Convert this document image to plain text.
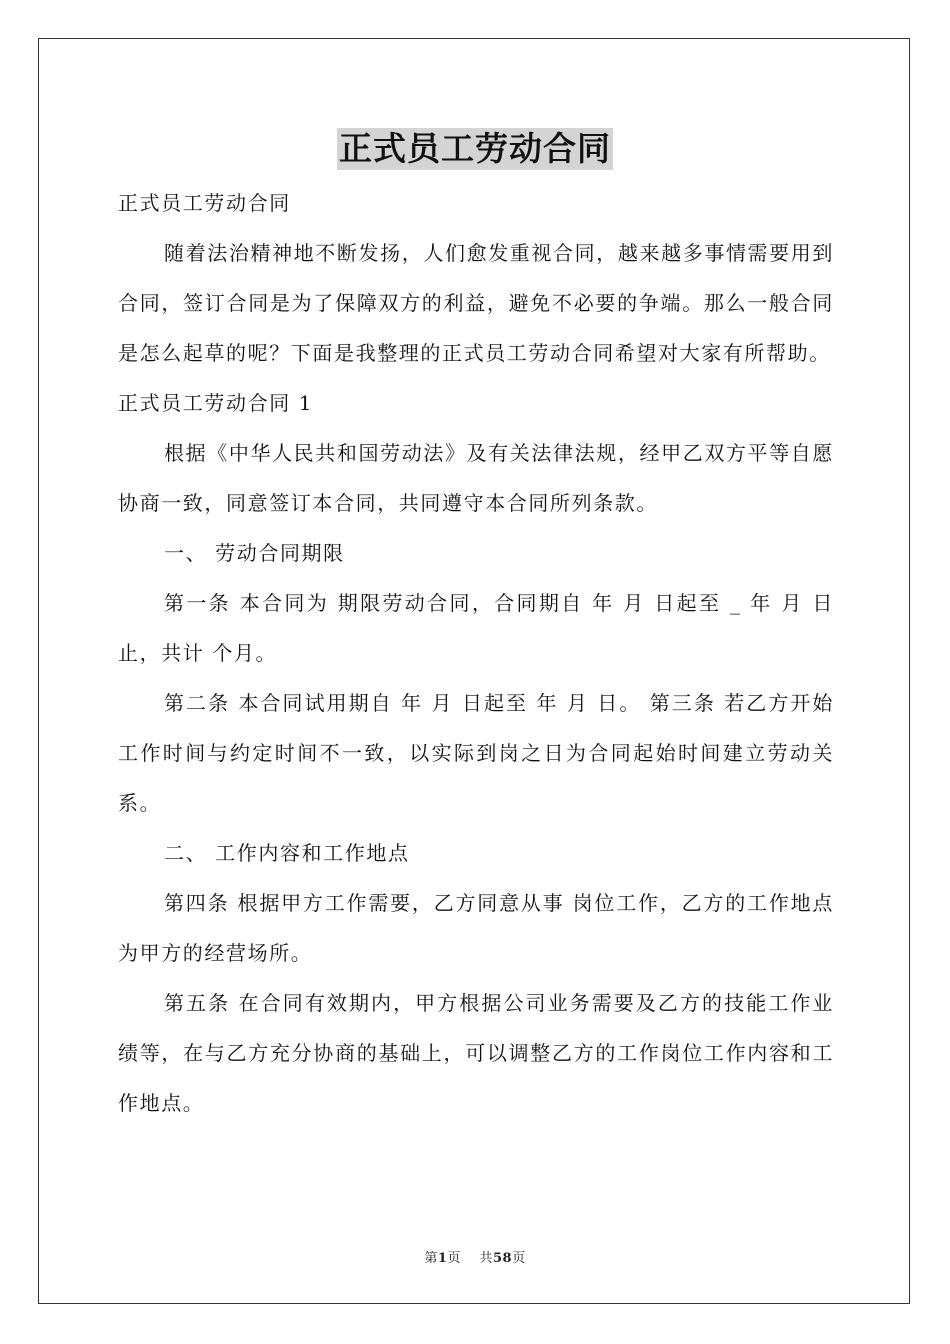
正式员工劳动合同

正式员工劳动合同

随着法治精神地不断发扬，人们愈发重视合同，越来越多事情需要用到合同，签订合同是为了保障双方的利益，避免不必要的争端。那么一般合同是怎么起草的呢？下面是我整理的正式员工劳动合同希望对大家有所帮助。

正式员工劳动合同 1

根据《中华人民共和国劳动法》及有关法律法规，经甲乙双方平等自愿协商一致，同意签订本合同，共同遵守本合同所列条款。

一、 劳动合同期限

第一条 本合同为 期限劳动合同，合同期自 年 月 日起至 _ 年 月 日止，共计 个月。

第二条 本合同试用期自 年 月 日起至 年 月 日。 第三条 若乙方开始工作时间与约定时间不一致，以实际到岗之日为合同起始时间建立劳动关系。

二、 工作内容和工作地点

第四条 根据甲方工作需要，乙方同意从事 岗位工作，乙方的工作地点为甲方的经营场所。

第五条 在合同有效期内，甲方根据公司业务需要及乙方的技能工作业绩等，在与乙方充分协商的基础上，可以调整乙方的工作岗位工作内容和工作地点。

第1页 共58页
